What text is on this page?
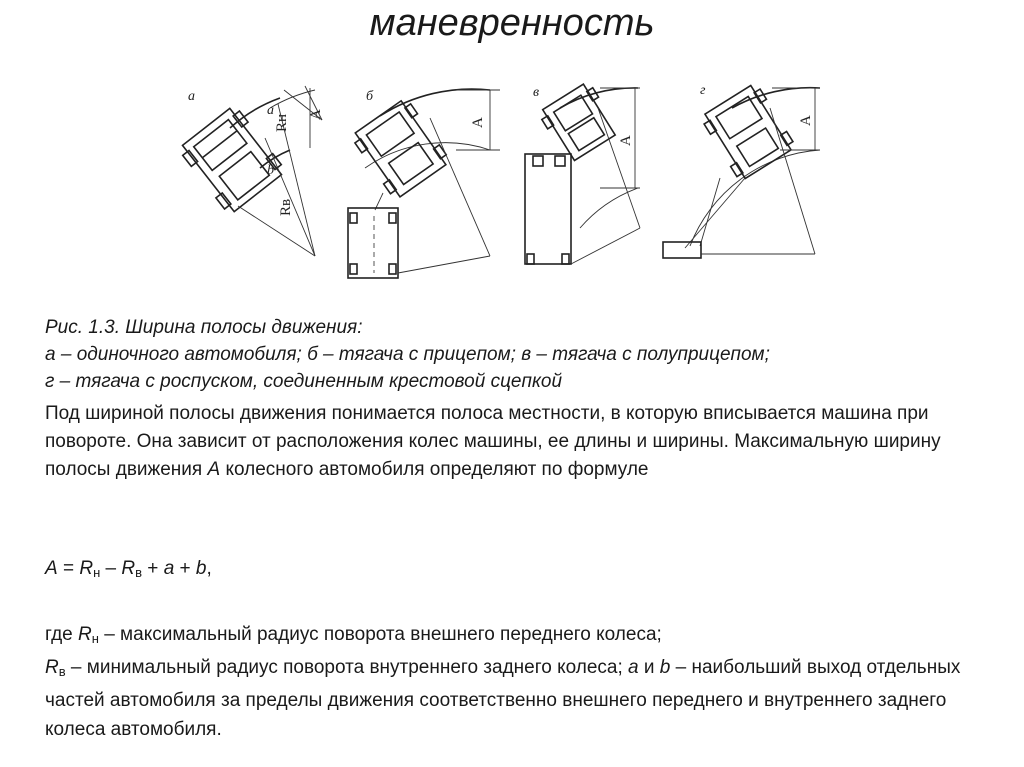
маневренность
а
a
b
Rн
Rв
A
б
A
в
A
г
A
Рис. 1.3. Ширина полосы движения:
а – одиночного автомобиля; б – тягача с прицепом; в – тягача с полуприцепом;
г – тягача с роспуском, соединенным крестовой сцепкой

Под шириной полосы движения понимается полоса местности, в которую вписывается машина при повороте. Она зависит от расположения колес машины, ее длины и ширины. Максимальную ширину полосы движения А колесного автомобиля определяют по формуле

$A = R_н - R_в + a + b$,

где $R_н$ – максимальный радиус поворота внешнего переднего колеса;

$R_в$ – минимальный радиус поворота внутреннего заднего колеса; a и b – наибольший выход отдельных частей автомобиля за пределы движения соответственно внешнего переднего и внутреннего заднего колеса автомобиля.
